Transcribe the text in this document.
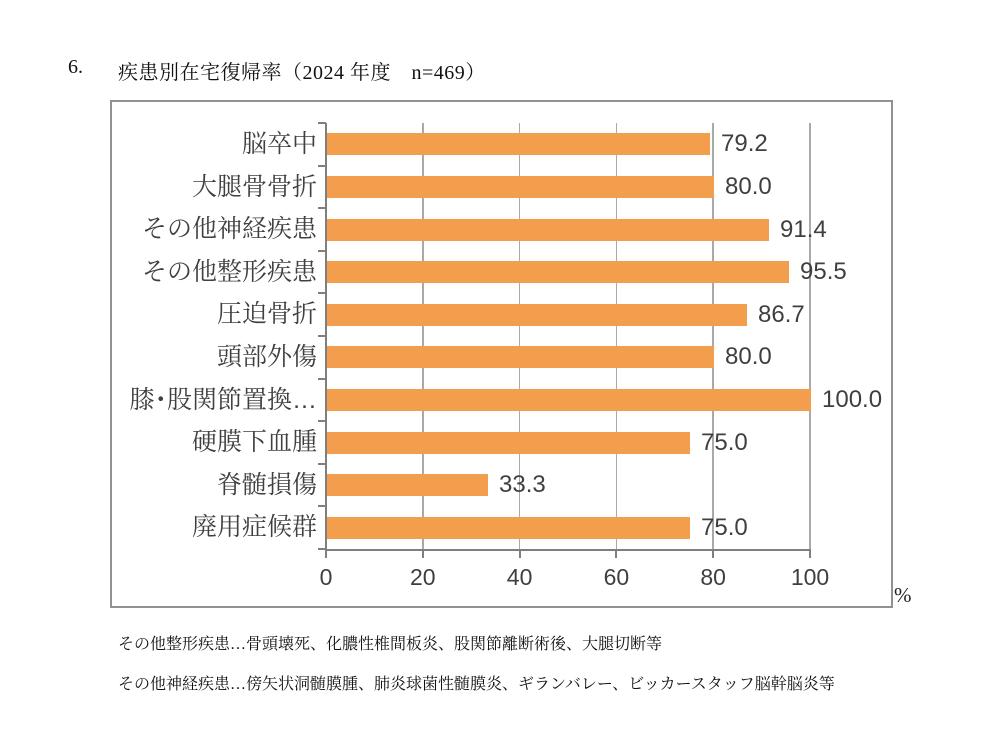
6. 疾患別在宅復帰率（2024 年度　n=469）
0	20	40	60	80	100
脳卒中	79.2
大腿骨骨折	80.0
その他神経疾患	91.4
その他整形疾患	95.5
圧迫骨折	86.7
頭部外傷	80.0
膝･股関節置換…	100.0
硬膜下血腫	75.0
脊髄損傷	33.3
廃用症候群	75.0
%
その他整形疾患…骨頭壊死、化膿性椎間板炎、股関節離断術後、大腿切断等
その他神経疾患…傍矢状洞髄膜腫、肺炎球菌性髄膜炎、ギランバレー、ビッカースタッフ脳幹脳炎等
